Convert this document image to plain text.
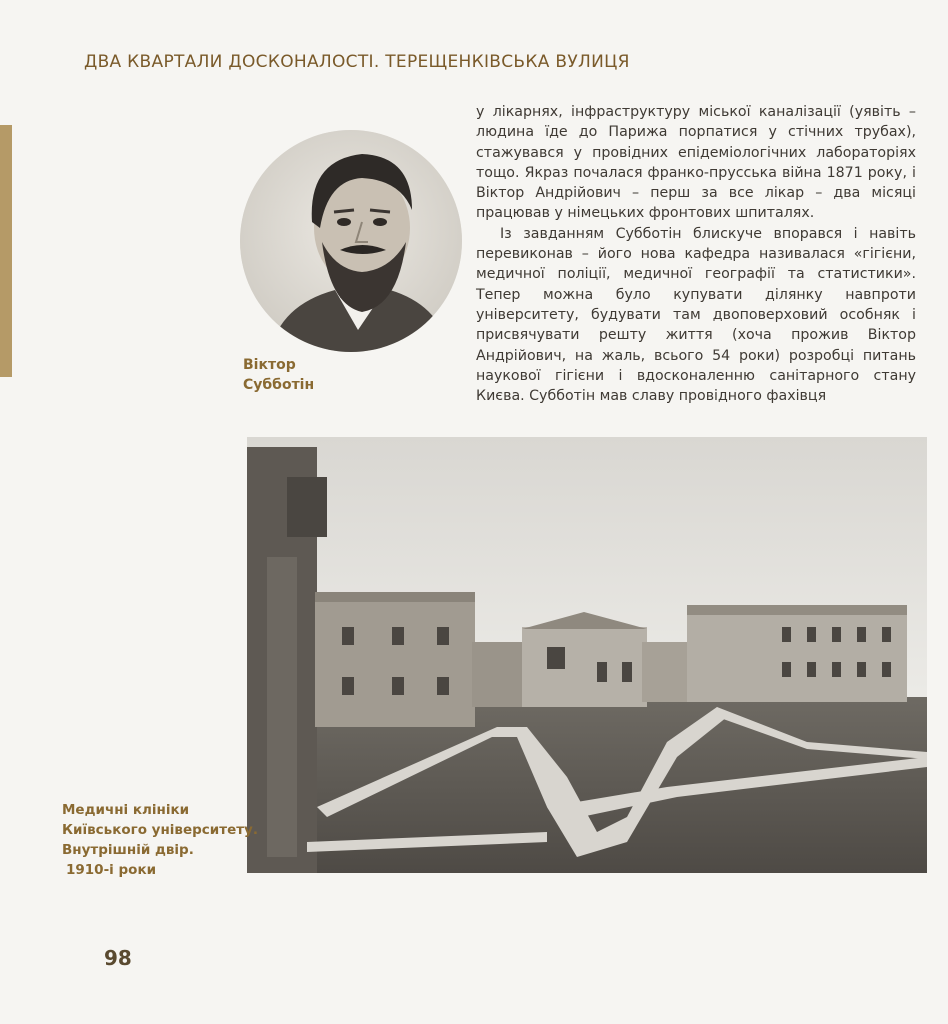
ДВА КВАРТАЛИ ДОСКОНАЛОСТІ. ТЕРЕЩЕНКІВСЬКА ВУЛИЦЯ
Віктор
Субботін

у лікарнях, інфраструктуру міської каналізації (уявіть – людина їде до Парижа порпатися у стічних трубах), стажувався у провідних епідеміологічних лабораторіях тощо. Якраз почалася франко-прусська війна 1871 року, і Віктор Андрійович – перш за все лікар – два місяці працював у німецьких фронтових шпиталях.

Із завданням Субботін блискуче впорався і навіть перевиконав – його нова кафедра називалася «гігієни, медичної поліції, медичної географії та статистики». Тепер можна було купувати ділянку навпроти університету, будувати там двоповерховий особняк і присвячувати решту життя (хоча прожив Віктор Андрійович, на жаль, всього 54 роки) розробці питань наукової гігієни і вдосконаленню санітарного стану Києва. Субботін мав славу провідного фахівця

Медичні клініки
Київського університету.
Внутрішній двір.
1910-і роки
98
